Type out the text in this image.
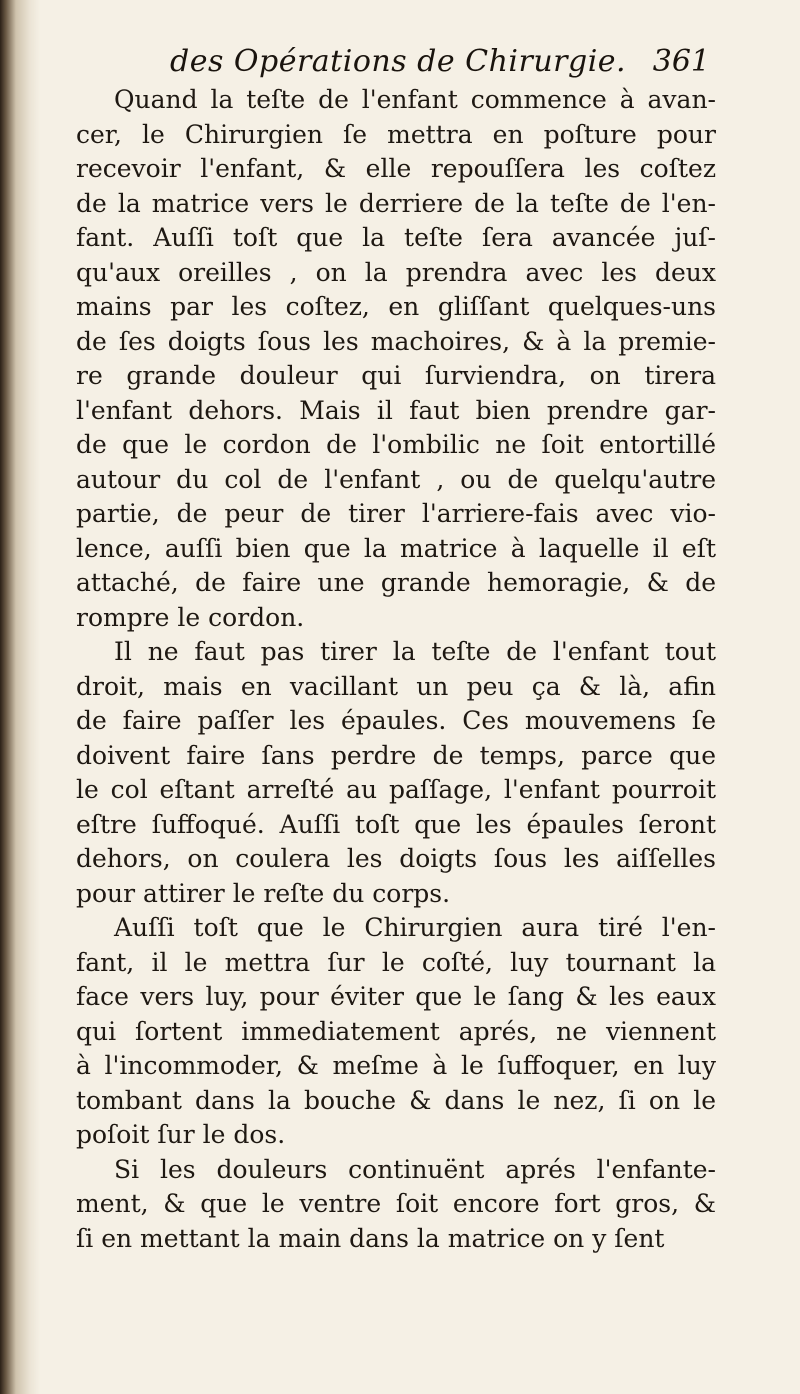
des Opérations de Chirurgie. 361
Quand la teſte de l'enfant commence à avan-
cer, le Chirurgien ſe mettra en poſture pour
recevoir l'enfant, & elle repouſſera les coſtez
de la matrice vers le derriere de la teſte de l'en-
fant. Auſſi toſt que la teſte ſera avancée juſ-
qu'aux oreilles , on la prendra avec les deux
mains par les coſtez, en gliſſant quelques-uns
de ſes doigts ſous les machoires, & à la premie-
re grande douleur qui ſurviendra, on tirera
l'enfant dehors. Mais il faut bien prendre gar-
de que le cordon de l'ombilic ne ſoit entortillé
autour du col de l'enfant , ou de quelqu'autre
partie, de peur de tirer l'arriere-fais avec vio-
lence, auſſi bien que la matrice à laquelle il eſt
attaché, de faire une grande hemoragie, & de
rompre le cordon.
Il ne faut pas tirer la teſte de l'enfant tout
droit, mais en vacillant un peu ça & là, afin
de faire paſſer les épaules. Ces mouvemens ſe
doivent faire ſans perdre de temps, parce que
le col eſtant arreſté au paſſage, l'enfant pourroit
eſtre ſuffoqué. Auſſi toſt que les épaules ſeront
dehors, on coulera les doigts ſous les aiſſelles
pour attirer le reſte du corps.
Auſſi toſt que le Chirurgien aura tiré l'en-
fant, il le mettra ſur le coſté, luy tournant la
face vers luy, pour éviter que le ſang & les eaux
qui ſortent immediatement aprés, ne viennent
à l'incommoder, & meſme à le ſuffoquer, en luy
tombant dans la bouche & dans le nez, ſi on le
poſoit ſur le dos.
Si les douleurs continuënt aprés l'enfante-
ment, & que le ventre ſoit encore fort gros, &
ſi en mettant la main dans la matrice on y ſent
